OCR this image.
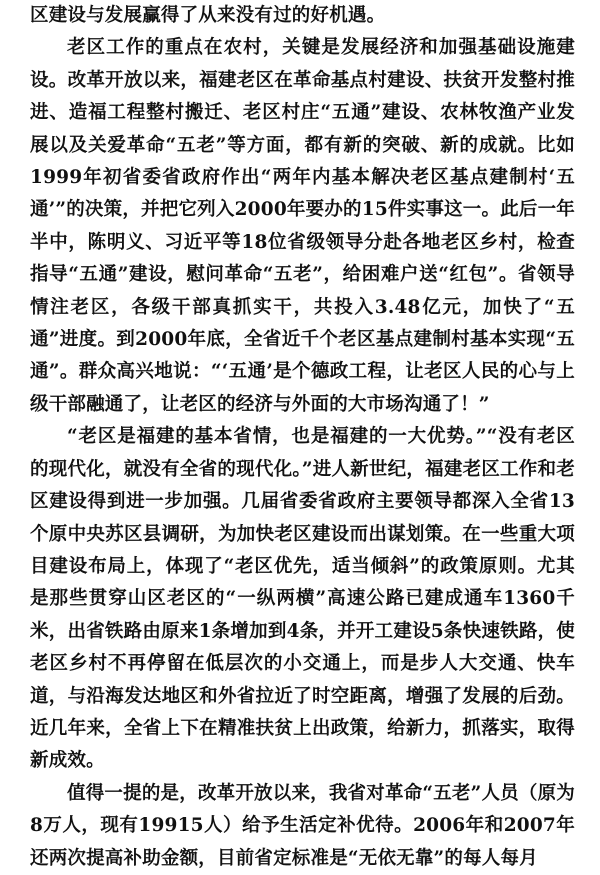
区建设与发展赢得了从来没有过的好机遇。

老区工作的重点在农村，关键是发展经济和加强基础设施建设。改革开放以来，福建老区在革命基点村建设、扶贫开发整村推进、造福工程整村搬迁、老区村庄“五通”建设、农林牧渔产业发展以及关爱革命“五老”等方面，都有新的突破、新的成就。比如1999年初省委省政府作出“两年内基本解决老区基点建制村‘五通’”的决策，并把它列入2000年要办的15件实事这一。此后一年半中，陈明义、习近平等18位省级领导分赴各地老区乡村，检查指导“五通”建设，慰问革命“五老”，给困难户送“红包”。省领导情注老区，各级干部真抓实干，共投入3.48亿元，加快了“五通”进度。到2000年底，全省近千个老区基点建制村基本实现“五通”。群众高兴地说：“‘五通’是个德政工程，让老区人民的心与上级干部融通了，让老区的经济与外面的大市场沟通了！”

“老区是福建的基本省情，也是福建的一大优势。”“没有老区的现代化，就没有全省的现代化。”进人新世纪，福建老区工作和老区建设得到进一步加强。几届省委省政府主要领导都深入全省13个原中央苏区县调研，为加快老区建设而出谋划策。在一些重大项目建设布局上，体现了“老区优先，适当倾斜”的政策原则。尤其是那些贯穿山区老区的“一纵两横”高速公路已建成通车1360千米，出省铁路由原来1条增加到4条，并开工建设5条快速铁路，使老区乡村不再停留在低层次的小交通上，而是步人大交通、快车道，与沿海发达地区和外省拉近了时空距离，增强了发展的后劲。近几年来，全省上下在精准扶贫上出政策，给新力，抓落实，取得新成效。

值得一提的是，改革开放以来，我省对革命“五老”人员（原为8万人，现有19915人）给予生活定补优待。2006年和2007年还两次提高补助金额，目前省定标准是“无依无靠”的每人每月
